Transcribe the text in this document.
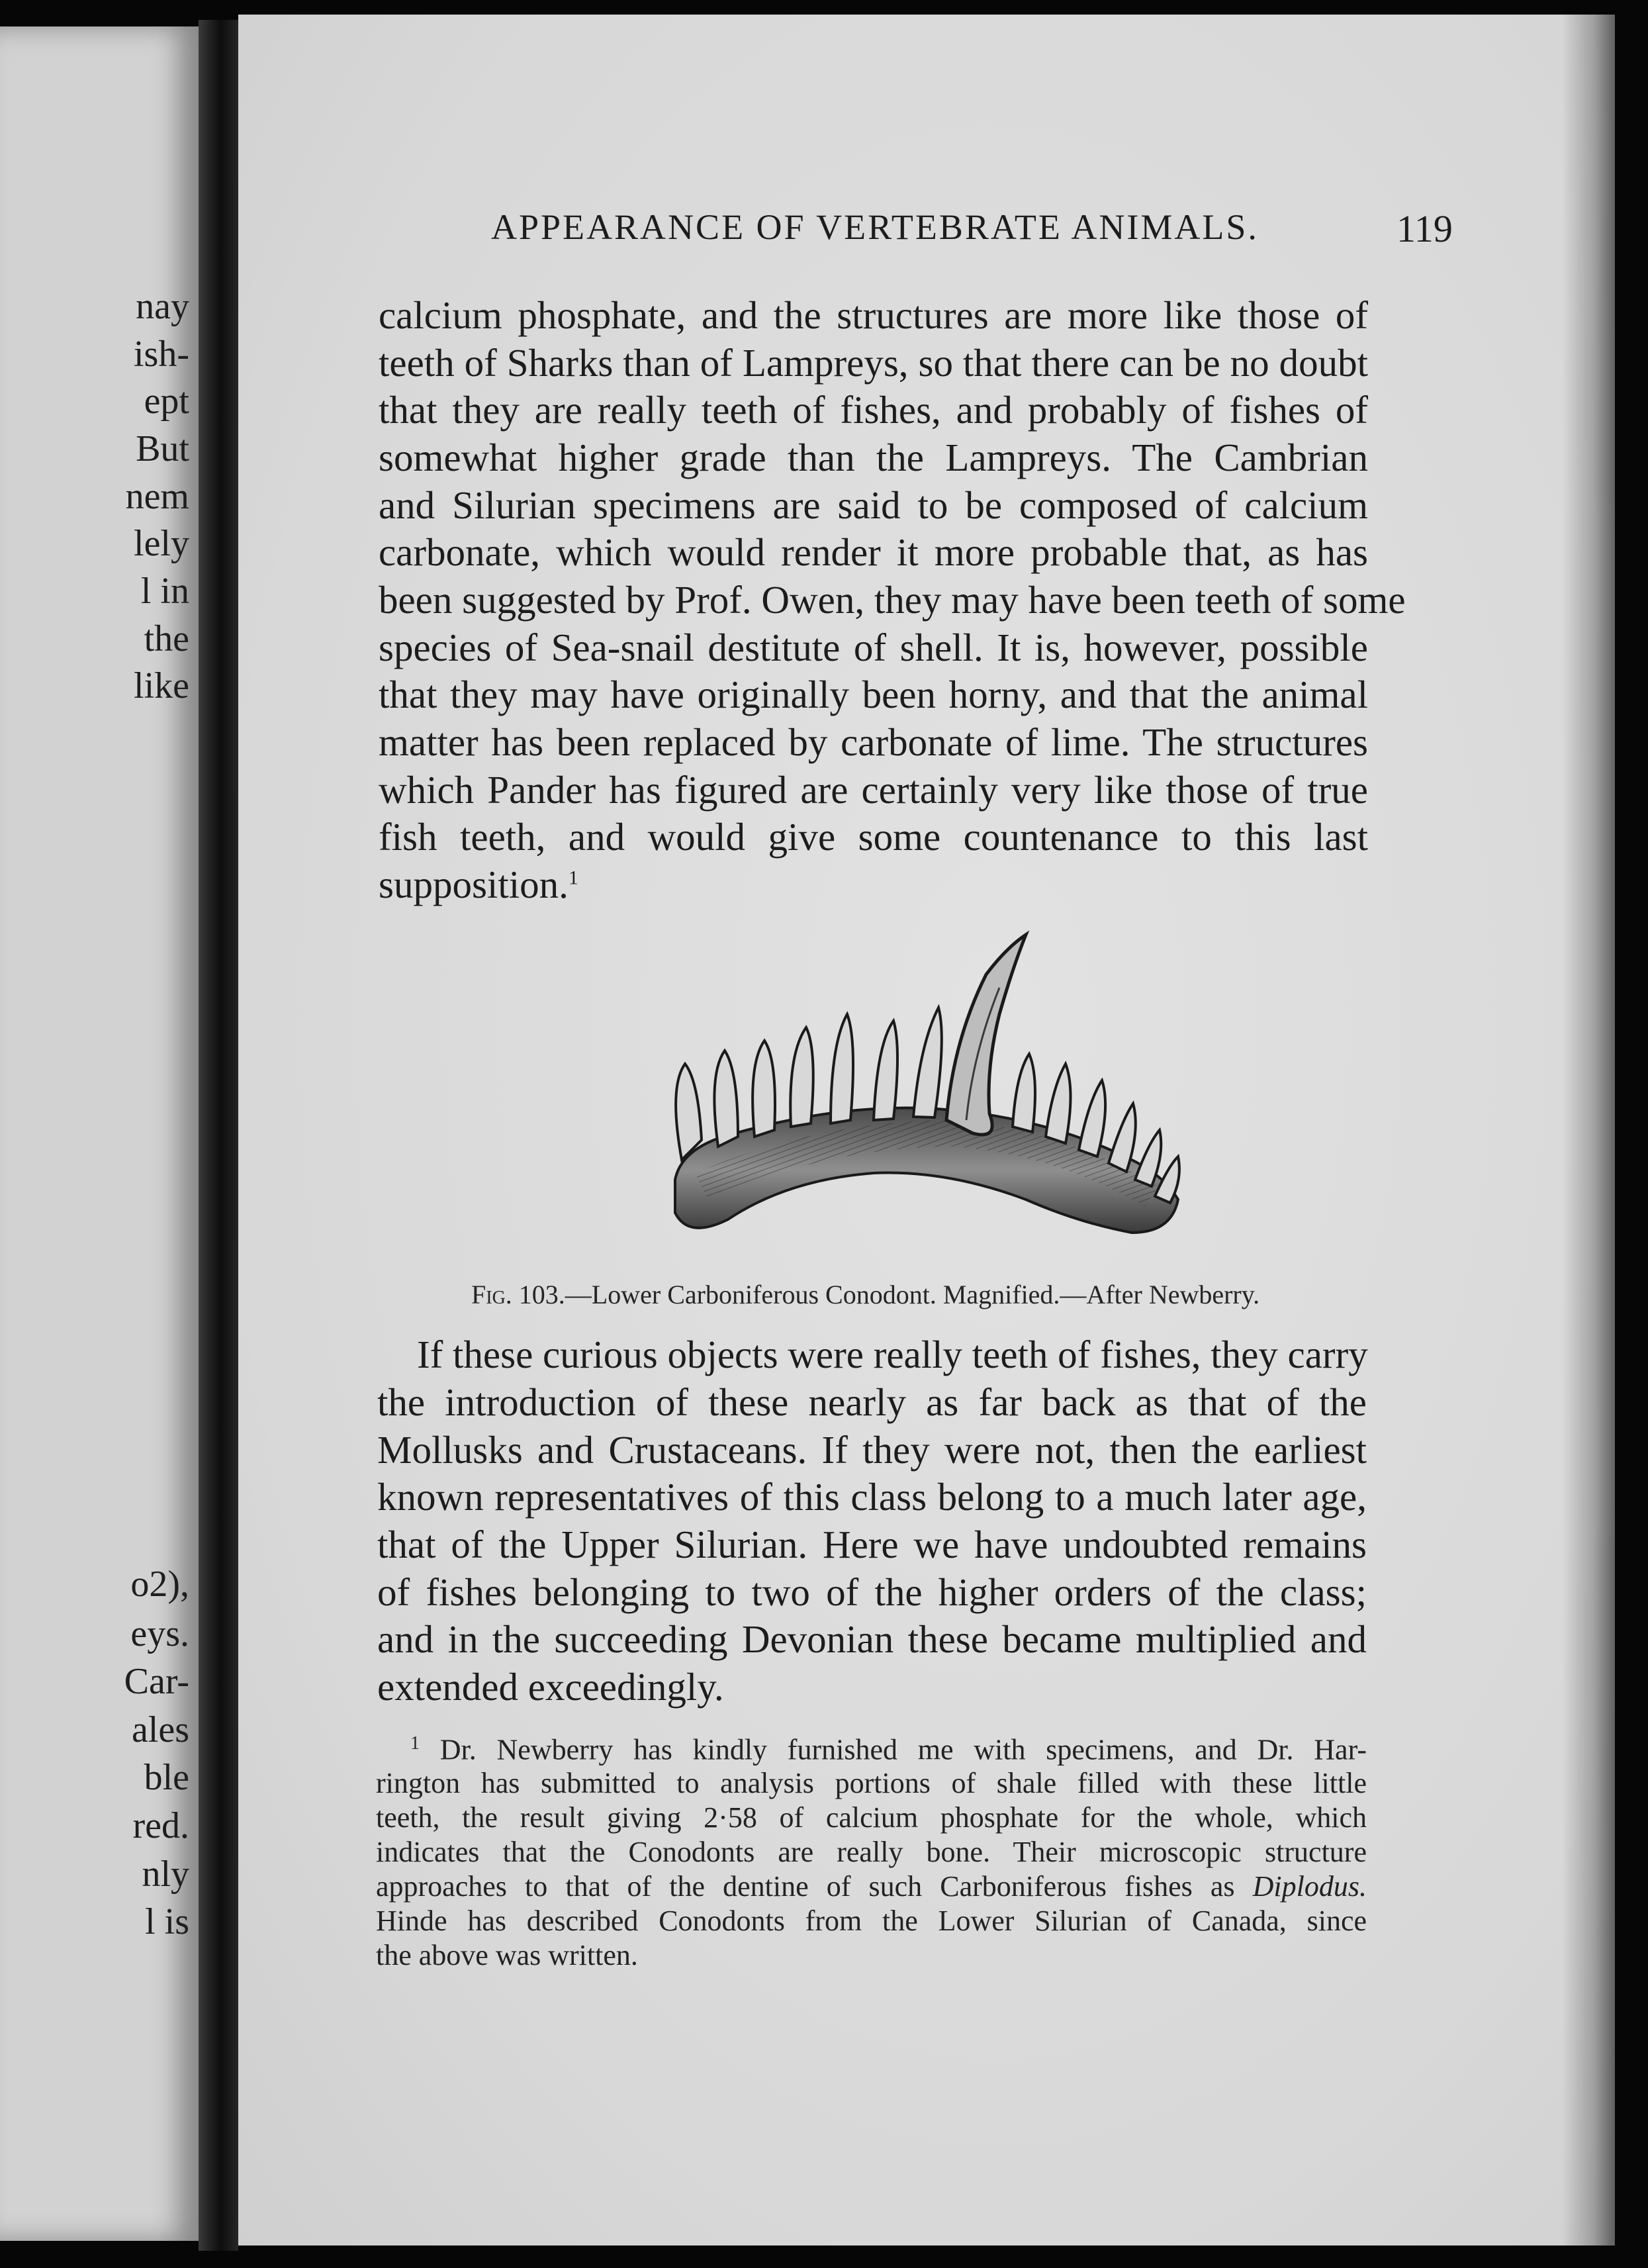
nay
ish-
ept
But
nem
lely
l in
the
like
o2),
eys.
Car-
ales
ble
red.
nly
l is
APPEARANCE OF VERTEBRATE ANIMALS.	119
calcium phosphate, and the structures are more like those of
teeth of Sharks than of Lampreys, so that there can be no doubt
that they are really teeth of fishes, and probably of fishes of
somewhat higher grade than the Lampreys. The Cambrian
and Silurian specimens are said to be composed of calcium
carbonate, which would render it more probable that, as has
been suggested by Prof. Owen, they may have been teeth of some
species of Sea-snail destitute of shell. It is, however, possible
that they may have originally been horny, and that the animal
matter has been replaced by carbonate of lime. The structures
which Pander has figured are certainly very like those of true
fish teeth, and would give some countenance to this last
supposition.$^1$
Fig. 103.—Lower Carboniferous Conodont. Magnified.—After Newberry.
If these curious objects were really teeth of fishes, they carry
the introduction of these nearly as far back as that of the
Mollusks and Crustaceans. If they were not, then the earliest
known representatives of this class belong to a much later age,
that of the Upper Silurian. Here we have undoubted remains
of fishes belonging to two of the higher orders of the class;
and in the succeeding Devonian these became multiplied and
extended exceedingly.
$^1$ Dr. Newberry has kindly furnished me with specimens, and Dr. Har-
rington has submitted to analysis portions of shale filled with these little
teeth, the result giving 2·58 of calcium phosphate for the whole, which
indicates that the Conodonts are really bone. Their microscopic structure
approaches to that of the dentine of such Carboniferous fishes as Diplodus.
Hinde has described Conodonts from the Lower Silurian of Canada, since
the above was written.
